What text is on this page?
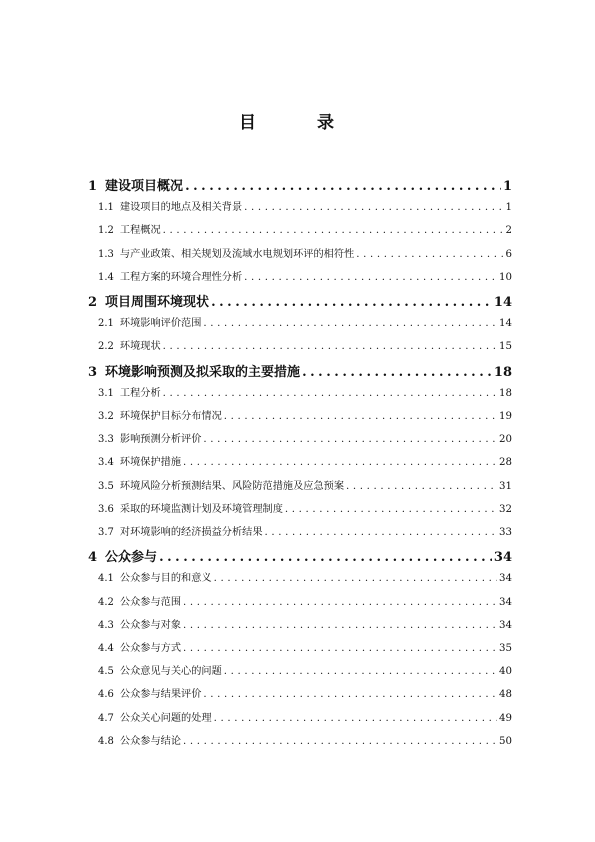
目　录
1 建设项目概况 . . .	1
1.1 建设项目的地点及相关背景 . . .	1
1.2 工程概况 . . .	2
1.3 与产业政策、相关规划及流域水电规划环评的相符性 . . .	6
1.4 工程方案的环境合理性分析 . . .	10
2 项目周围环境现状 . . .	14
2.1 环境影响评价范围 . . .	14
2.2 环境现状 . . .	15
3 环境影响预测及拟采取的主要措施 . . .	18
3.1 工程分析 . . .	18
3.2 环境保护目标分布情况 . . .	19
3.3 影响预测分析评价 . . .	20
3.4 环境保护措施 . . .	28
3.5 环境风险分析预测结果、风险防范措施及应急预案 . . .	31
3.6 采取的环境监测计划及环境管理制度 . . .	32
3.7 对环境影响的经济损益分析结果 . . .	33
4 公众参与 . . .	34
4.1 公众参与目的和意义 . . .	34
4.2 公众参与范围 . . .	34
4.3 公众参与对象 . . .	34
4.4 公众参与方式 . . .	35
4.5 公众意见与关心的问题 . . .	40
4.6 公众参与结果评价 . . .	48
4.7 公众关心问题的处理 . . .	49
4.8 公众参与结论 . . .	50
